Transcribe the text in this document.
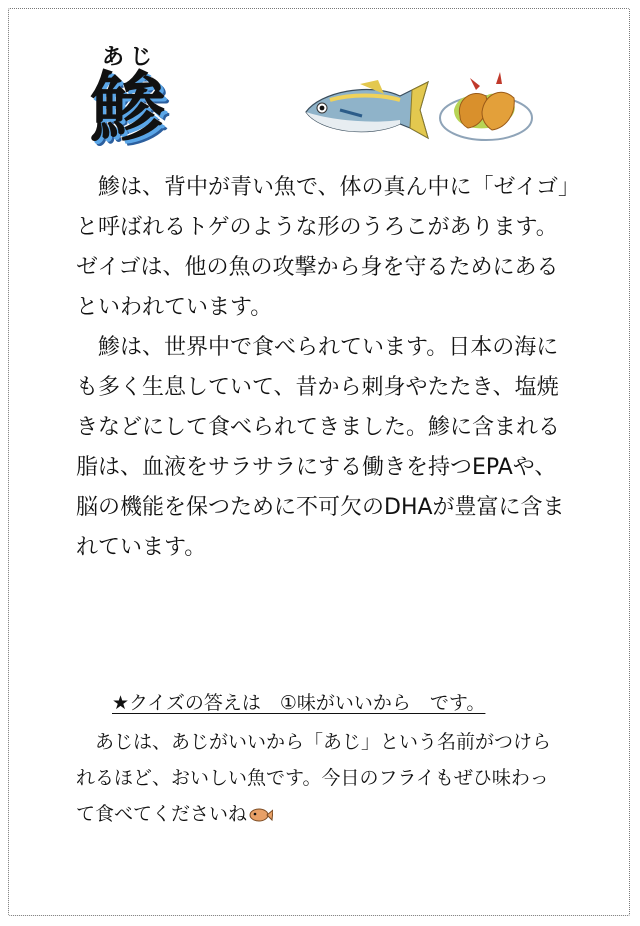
あじ
鯵

鯵は、背中が青い魚で、体の真ん中に「ゼイゴ」と呼ばれるトゲのような形のうろこがあります。ゼイゴは、他の魚の攻撃から身を守るためにあるといわれています。

鯵は、世界中で食べられています。日本の海にも多く生息していて、昔から刺身やたたき、塩焼きなどにして食べられてきました。鯵に含まれる脂は、血液をサラサラにする働きを持つEPAや、脳の機能を保つために不可欠のDHAが豊富に含まれています。

★クイズの答えは　①味がいいから　です。

あじは、あじがいいから「あじ」という名前がつけられるほど、おいしい魚です。今日のフライもぜひ味わって食べてくださいね
